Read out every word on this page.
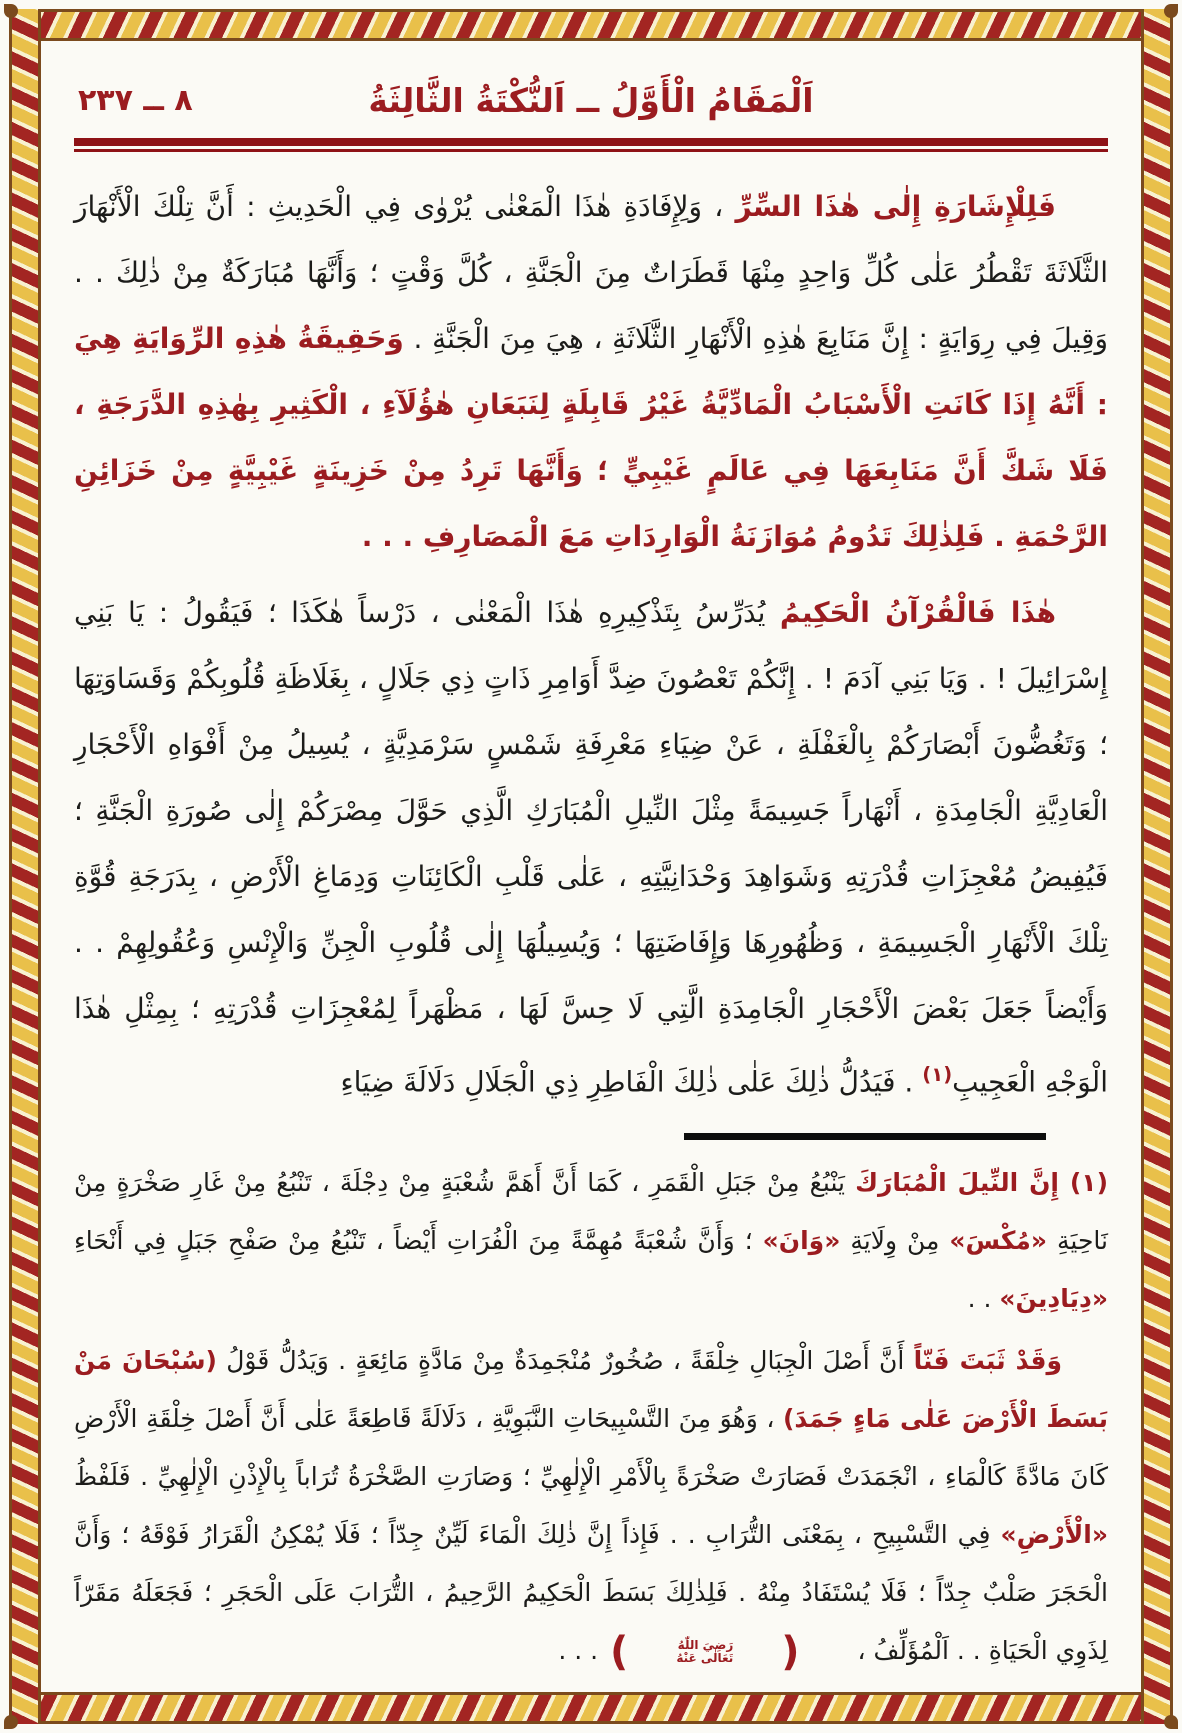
٨ ــ ٢٣٧	اَلْمَقَامُ الْأَوَّلُ ــ اَلنُّكْتَةُ الثَّالِثَةُ

فَلِلْإِشَارَةِ إِلٰى هٰذَا السِّرِّ ، وَلِإِفَادَةِ هٰذَا الْمَعْنٰى يُرْوٰى فِي الْحَدِيثِ : أَنَّ تِلْكَ الْأَنْهَارَ الثَّلَاثَةَ تَقْطُرُ عَلٰى كُلِّ وَاحِدٍ مِنْهَا قَطَرَاتٌ مِنَ الْجَنَّةِ ، كُلَّ وَقْتٍ ؛ وَأَنَّهَا مُبَارَكَةٌ مِنْ ذٰلِكَ . . وَقِيلَ فِي رِوَايَةٍ : إِنَّ مَنَابِعَ هٰذِهِ الْأَنْهَارِ الثَّلَاثَةِ ، هِيَ مِنَ الْجَنَّةِ . وَحَقِيقَةُ هٰذِهِ الرِّوَايَةِ هِيَ : أَنَّهُ إِذَا كَانَتِ الْأَسْبَابُ الْمَادِّيَّةُ غَيْرُ قَابِلَةٍ لِنَبَعَانِ هٰؤُلَآءِ ، الْكَثِيرِ بِهٰذِهِ الدَّرَجَةِ ، فَلَا شَكَّ أَنَّ مَنَابِعَهَا فِي عَالَمٍ غَيْبِيٍّ ؛ وَأَنَّهَا تَرِدُ مِنْ خَزِينَةٍ غَيْبِيَّةٍ مِنْ خَزَائِنِ الرَّحْمَةِ . فَلِذٰلِكَ تَدُومُ مُوَازَنَةُ الْوَارِدَاتِ مَعَ الْمَصَارِفِ . . .

هٰذَا فَالْقُرْآنُ الْحَكِيمُ يُدَرِّسُ بِتَذْكِيرِهِ هٰذَا الْمَعْنٰى ، دَرْساً هٰكَذَا ؛ فَيَقُولُ : يَا بَنِي إِسْرَائِيلَ ! . وَيَا بَنِي آدَمَ ! . إِنَّكُمْ تَعْصُونَ ضِدَّ أَوَامِرِ ذَاتٍ ذِي جَلَالٍ ، بِغَلَاظَةِ قُلُوبِكُمْ وَقَسَاوَتِهَا ؛ وَتَغُضُّونَ أَبْصَارَكُمْ بِالْغَفْلَةِ ، عَنْ ضِيَاءِ مَعْرِفَةِ شَمْسٍ سَرْمَدِيَّةٍ ، يُسِيلُ مِنْ أَفْوَاهِ الْأَحْجَارِ الْعَادِيَّةِ الْجَامِدَةِ ، أَنْهَاراً جَسِيمَةً مِثْلَ النِّيلِ الْمُبَارَكِ الَّذِي حَوَّلَ مِصْرَكُمْ إِلٰى صُورَةِ الْجَنَّةِ ؛ فَيُفِيضُ مُعْجِزَاتِ قُدْرَتِهِ وَشَوَاهِدَ وَحْدَانِيَّتِهِ ، عَلٰى قَلْبِ الْكَائِنَاتِ وَدِمَاغِ الْأَرْضِ ، بِدَرَجَةِ قُوَّةِ تِلْكَ الْأَنْهَارِ الْجَسِيمَةِ ، وَظُهُورِهَا وَإِفَاضَتِهَا ؛ وَيُسِيلُهَا إِلٰى قُلُوبِ الْجِنِّ وَالْإِنْسِ وَعُقُولِهِمْ . . وَأَيْضاً جَعَلَ بَعْضَ الْأَحْجَارِ الْجَامِدَةِ الَّتِي لَا حِسَّ لَهَا ، مَظْهَراً لِمُعْجِزَاتِ قُدْرَتِهِ ؛ بِمِثْلِ هٰذَا الْوَجْهِ الْعَجِيبِ$^{(١)}$ . فَيَدُلُّ ذٰلِكَ عَلٰى ذٰلِكَ الْفَاطِرِ ذِي الْجَلَالِ دَلَالَةَ ضِيَاءِ

(١) إِنَّ النِّيلَ الْمُبَارَكَ يَنْبُعُ مِنْ جَبَلِ الْقَمَرِ ، كَمَا أَنَّ أَهَمَّ شُعْبَةٍ مِنْ دِجْلَةَ ، تَنْبُعُ مِنْ غَارِ صَخْرَةٍ مِنْ نَاحِيَةِ «مُكْسَ» مِنْ وِلَايَةِ «وَانَ» ؛ وَأَنَّ شُعْبَةً مُهِمَّةً مِنَ الْفُرَاتِ أَيْضاً ، تَنْبُعُ مِنْ صَفْحِ جَبَلٍ فِي أَنْحَاءِ «دِيَادِينَ» . .

وَقَدْ ثَبَتَ فَنّاً أَنَّ أَصْلَ الْجِبَالِ خِلْقَةً ، صُخُورٌ مُنْجَمِدَةٌ مِنْ مَادَّةٍ مَائِعَةٍ . وَيَدُلُّ قَوْلُ (سُبْحَانَ مَنْ بَسَطَ الْأَرْضَ عَلٰى مَاءٍ جَمَدَ) ، وَهُوَ مِنَ التَّسْبِيحَاتِ النَّبَوِيَّةِ ، دَلَالَةً قَاطِعَةً عَلٰى أَنَّ أَصْلَ خِلْقَةِ الْأَرْضِ كَانَ مَادَّةً كَالْمَاءِ ، انْجَمَدَتْ فَصَارَتْ صَخْرَةً بِالْأَمْرِ الْإِلٰهِيِّ ؛ وَصَارَتِ الصَّخْرَةُ تُرَاباً بِالْإِذْنِ الْإِلٰهِيِّ . فَلَفْظُ «الْأَرْضِ» فِي التَّسْبِيحِ ، بِمَعْنَى التُّرَابِ . . فَإِذاً إِنَّ ذٰلِكَ الْمَاءَ لَيِّنٌ جِدّاً ؛ فَلَا يُمْكِنُ الْقَرَارُ فَوْقَهُ ؛ وَأَنَّ الْحَجَرَ صَلْبٌ جِدّاً ؛ فَلَا يُسْتَفَادُ مِنْهُ . فَلِذٰلِكَ بَسَطَ الْحَكِيمُ الرَّحِيمُ ، التُّرَابَ عَلَى الْحَجَرِ ؛ فَجَعَلَهُ مَقَرّاً لِذَوِي الْحَيَاةِ . . اَلْمُؤَلِّفُ ،
(
رَضِيَ اللّٰهُ
تَعَالٰى عَنْهُ
)
. . .
